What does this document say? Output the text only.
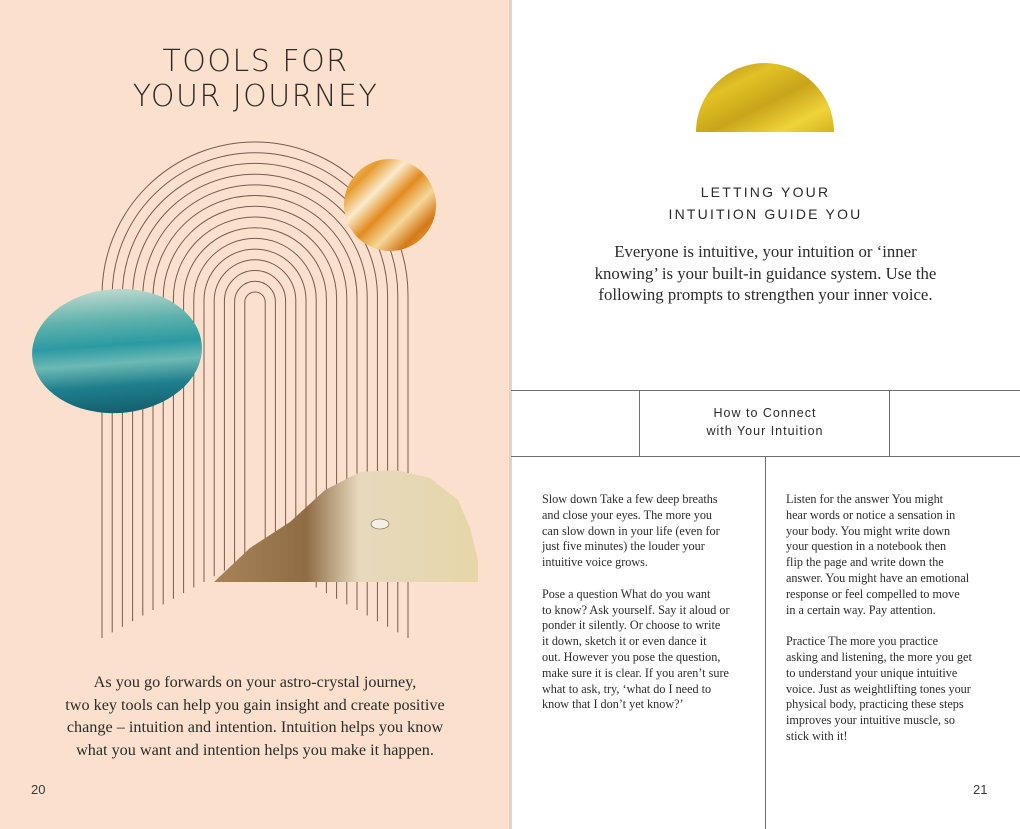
TOOLS FOR
YOUR JOURNEY
As you go forwards on your astro-crystal journey,
two key tools can help you gain insight and create positive
change – intuition and intention. Intuition helps you know
what you want and intention helps you make it happen.
20
LETTING YOUR
INTUITION GUIDE YOU
Everyone is intuitive, your intuition or ‘inner
knowing’ is your built-in guidance system. Use the
following prompts to strengthen your inner voice.
How to Connect
with Your Intuition
Slow down Take a few deep breaths
and close your eyes. The more you
can slow down in your life (even for
just five minutes) the louder your
intuitive voice grows.
Pose a question What do you want
to know? Ask yourself. Say it aloud or
ponder it silently. Or choose to write
it down, sketch it or even dance it
out. However you pose the question,
make sure it is clear. If you aren’t sure
what to ask, try, ‘what do I need to
know that I don’t yet know?’
Listen for the answer You might
hear words or notice a sensation in
your body. You might write down
your question in a notebook then
flip the page and write down the
answer. You might have an emotional
response or feel compelled to move
in a certain way. Pay attention.
Practice The more you practice
asking and listening, the more you get
to understand your unique intuitive
voice. Just as weightlifting tones your
physical body, practicing these steps
improves your intuitive muscle, so
stick with it!
21
